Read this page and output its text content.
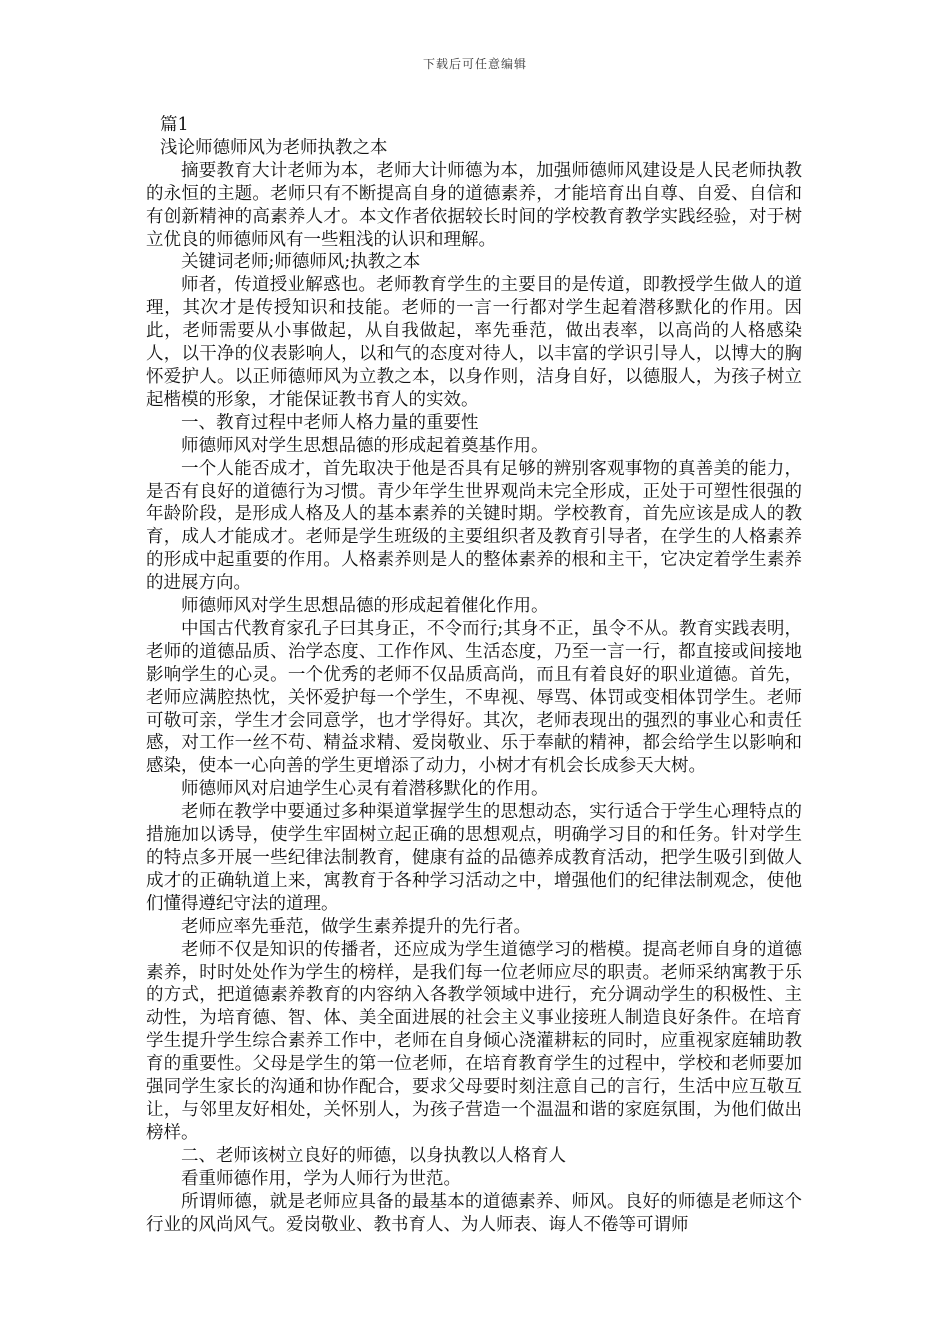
下载后可任意编辑

篇1

浅论师德师风为老师执教之本

摘要教育大计老师为本，老师大计师德为本，加强师德师风建设是人民老师执教的永恒的主题。老师只有不断提高自身的道德素养，才能培育出自尊、自爱、自信和有创新精神的高素养人才。本文作者依据较长时间的学校教育教学实践经验，对于树立优良的师德师风有一些粗浅的认识和理解。

关键词老师;师德师风;执教之本

师者，传道授业解惑也。老师教育学生的主要目的是传道，即教授学生做人的道理，其次才是传授知识和技能。老师的一言一行都对学生起着潜移默化的作用。因此，老师需要从小事做起，从自我做起，率先垂范，做出表率，以高尚的人格感染人，以干净的仪表影响人，以和气的态度对待人，以丰富的学识引导人，以博大的胸怀爱护人。以正师德师风为立教之本，以身作则，洁身自好，以德服人，为孩子树立起楷模的形象，才能保证教书育人的实效。

一、教育过程中老师人格力量的重要性

师德师风对学生思想品德的形成起着奠基作用。

一个人能否成才，首先取决于他是否具有足够的辨别客观事物的真善美的能力，是否有良好的道德行为习惯。青少年学生世界观尚未完全形成，正处于可塑性很强的年龄阶段，是形成人格及人的基本素养的关键时期。学校教育，首先应该是成人的教育，成人才能成才。老师是学生班级的主要组织者及教育引导者，在学生的人格素养的形成中起重要的作用。人格素养则是人的整体素养的根和主干，它决定着学生素养的进展方向。

师德师风对学生思想品德的形成起着催化作用。

中国古代教育家孔子曰其身正，不令而行;其身不正，虽令不从。教育实践表明，老师的道德品质、治学态度、工作作风、生活态度，乃至一言一行，都直接或间接地影响学生的心灵。一个优秀的老师不仅品质高尚，而且有着良好的职业道德。首先，老师应满腔热忱，关怀爱护每一个学生，不卑视、辱骂、体罚或变相体罚学生。老师可敬可亲，学生才会同意学，也才学得好。其次，老师表现出的强烈的事业心和责任感，对工作一丝不苟、精益求精、爱岗敬业、乐于奉献的精神，都会给学生以影响和感染，使本一心向善的学生更增添了动力，小树才有机会长成参天大树。

师德师风对启迪学生心灵有着潜移默化的作用。

老师在教学中要通过多种渠道掌握学生的思想动态，实行适合于学生心理特点的措施加以诱导，使学生牢固树立起正确的思想观点，明确学习目的和任务。针对学生的特点多开展一些纪律法制教育，健康有益的品德养成教育活动，把学生吸引到做人成才的正确轨道上来，寓教育于各种学习活动之中，增强他们的纪律法制观念，使他们懂得遵纪守法的道理。

老师应率先垂范，做学生素养提升的先行者。

老师不仅是知识的传播者，还应成为学生道德学习的楷模。提高老师自身的道德素养，时时处处作为学生的榜样，是我们每一位老师应尽的职责。老师采纳寓教于乐的方式，把道德素养教育的内容纳入各教学领域中进行，充分调动学生的积极性、主动性，为培育德、智、体、美全面进展的社会主义事业接班人制造良好条件。在培育学生提升学生综合素养工作中，老师在自身倾心浇灌耕耘的同时，应重视家庭辅助教育的重要性。父母是学生的第一位老师，在培育教育学生的过程中，学校和老师要加强同学生家长的沟通和协作配合，要求父母要时刻注意自己的言行，生活中应互敬互让，与邻里友好相处，关怀别人，为孩子营造一个温温和谐的家庭氛围，为他们做出榜样。

二、老师该树立良好的师德，以身执教以人格育人

看重师德作用，学为人师行为世范。

所谓师德，就是老师应具备的最基本的道德素养、师风。良好的师德是老师这个行业的风尚风气。爱岗敬业、教书育人、为人师表、诲人不倦等可谓师
